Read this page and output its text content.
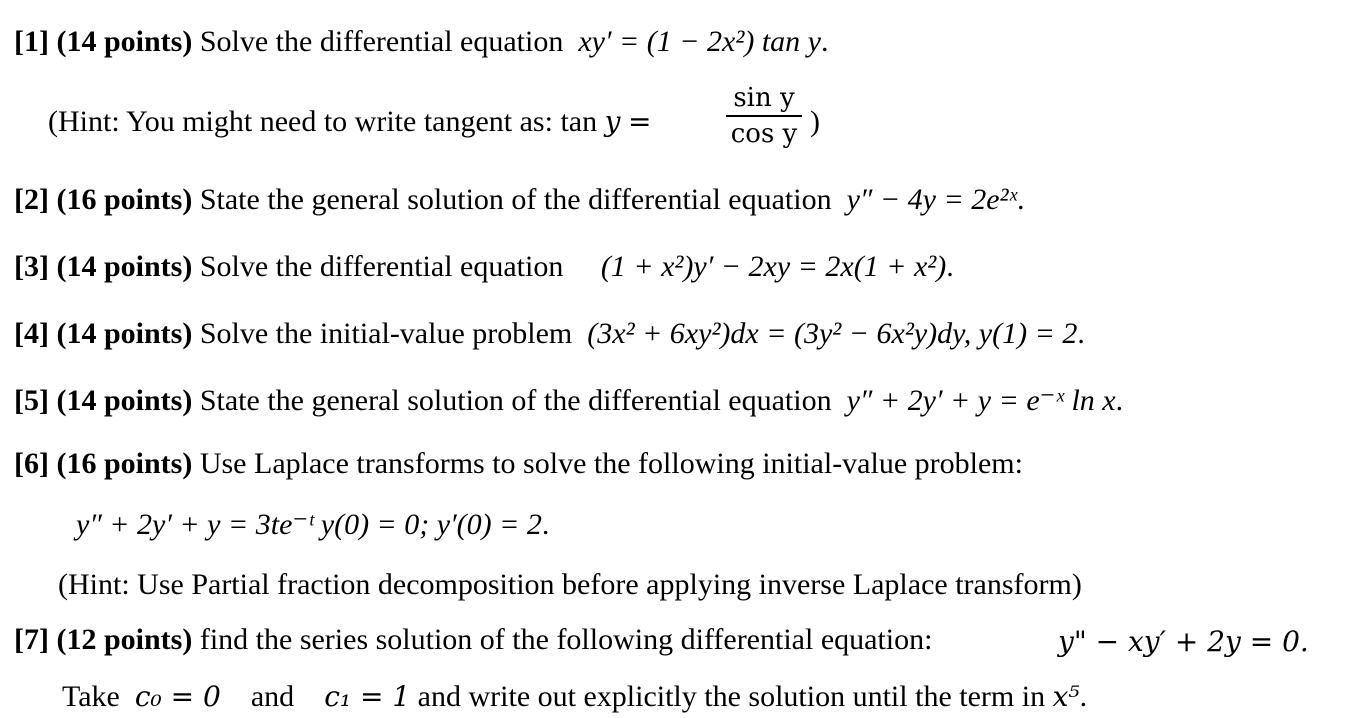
[1] (14 points) Solve the differential equation xy′ = (1 − 2x²) tan y.
(Hint: You might need to write tangent as: tan y =
sin y
cos y )
[2] (16 points) State the general solution of the differential equation y″ − 4y = 2e²ˣ.
[3] (14 points) Solve the differential equation (1 + x²)y′ − 2xy = 2x(1 + x²).
[4] (14 points) Solve the initial-value problem (3x² + 6xy²)dx = (3y² − 6x²y)dy, y(1) = 2.
[5] (14 points) State the general solution of the differential equation y″ + 2y′ + y = e⁻ˣ ln x.
[6] (16 points) Use Laplace transforms to solve the following initial-value problem:
y″ + 2y′ + y = 3te⁻ᵗ y(0) = 0; y′(0) = 2.
(Hint: Use Partial fraction decomposition before applying inverse Laplace transform)
[7] (12 points) find the series solution of the following differential equation:	y" − xy′ + 2y = 0.
Take c₀ = 0 and c₁ = 1 and write out explicitly the solution until the term in x⁵.
